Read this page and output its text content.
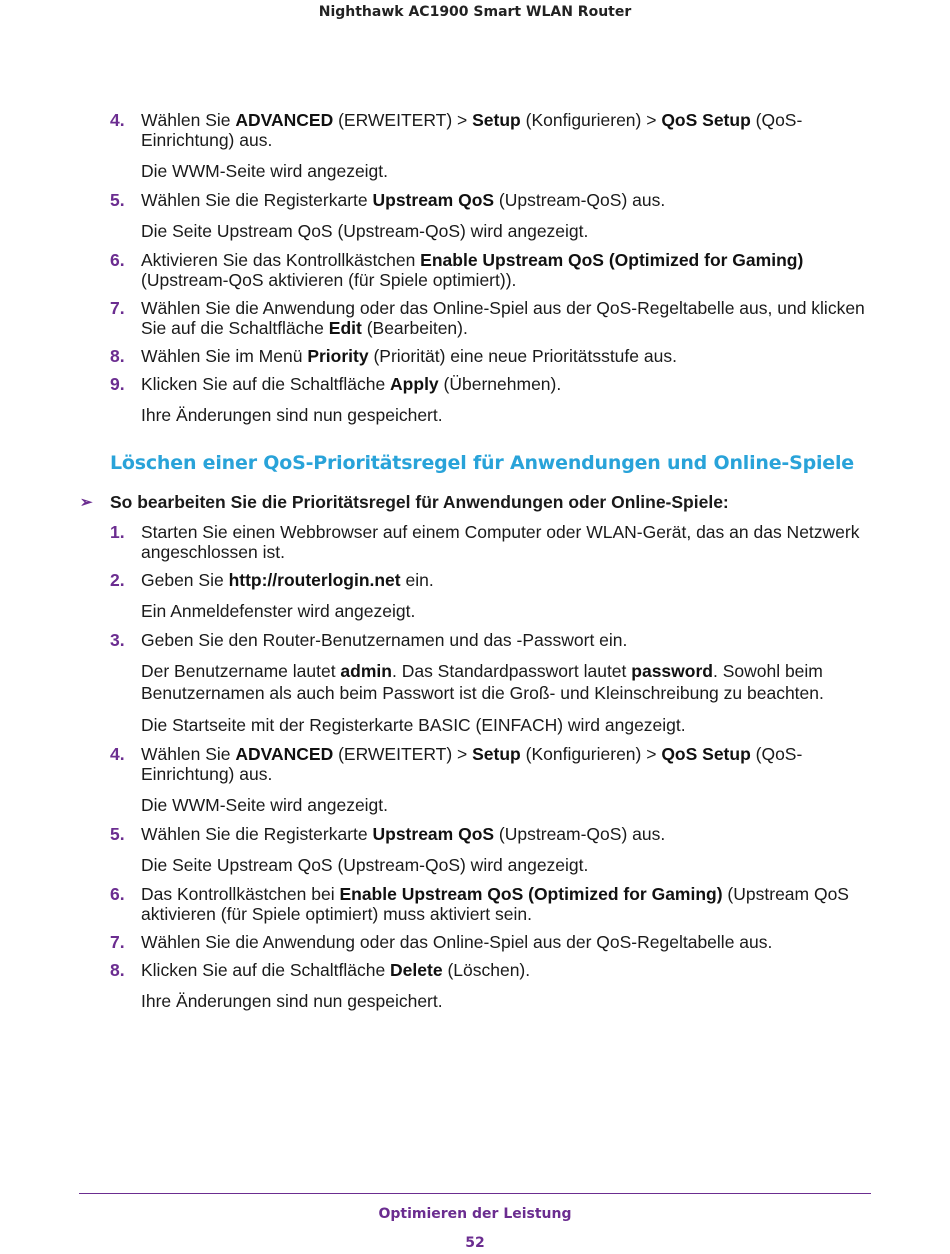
Nighthawk AC1900 Smart WLAN Router
4. Wählen Sie ADVANCED (ERWEITERT) > Setup (Konfigurieren) > QoS Setup (QoS-Einrichtung) aus.
Die WWM-Seite wird angezeigt.
5. Wählen Sie die Registerkarte Upstream QoS (Upstream-QoS) aus.
Die Seite Upstream QoS (Upstream-QoS) wird angezeigt.
6. Aktivieren Sie das Kontrollkästchen Enable Upstream QoS (Optimized for Gaming) (Upstream-QoS aktivieren (für Spiele optimiert)).
7. Wählen Sie die Anwendung oder das Online-Spiel aus der QoS-Regeltabelle aus, und klicken Sie auf die Schaltfläche Edit (Bearbeiten).
8. Wählen Sie im Menü Priority (Priorität) eine neue Prioritätsstufe aus.
9. Klicken Sie auf die Schaltfläche Apply (Übernehmen).
Ihre Änderungen sind nun gespeichert.
Löschen einer QoS-Prioritätsregel für Anwendungen und Online-Spiele
➢ So bearbeiten Sie die Prioritätsregel für Anwendungen oder Online-Spiele:
1. Starten Sie einen Webbrowser auf einem Computer oder WLAN-Gerät, das an das Netzwerk angeschlossen ist.
2. Geben Sie http://routerlogin.net ein.
Ein Anmeldefenster wird angezeigt.
3. Geben Sie den Router-Benutzernamen und das -Passwort ein.
Der Benutzername lautet admin. Das Standardpasswort lautet password. Sowohl beim Benutzernamen als auch beim Passwort ist die Groß- und Kleinschreibung zu beachten.
Die Startseite mit der Registerkarte BASIC (EINFACH) wird angezeigt.
4. Wählen Sie ADVANCED (ERWEITERT) > Setup (Konfigurieren) > QoS Setup (QoS-Einrichtung) aus.
Die WWM-Seite wird angezeigt.
5. Wählen Sie die Registerkarte Upstream QoS (Upstream-QoS) aus.
Die Seite Upstream QoS (Upstream-QoS) wird angezeigt.
6. Das Kontrollkästchen bei Enable Upstream QoS (Optimized for Gaming) (Upstream QoS aktivieren (für Spiele optimiert) muss aktiviert sein.
7. Wählen Sie die Anwendung oder das Online-Spiel aus der QoS-Regeltabelle aus.
8. Klicken Sie auf die Schaltfläche Delete (Löschen).
Ihre Änderungen sind nun gespeichert.
Optimieren der Leistung
52
